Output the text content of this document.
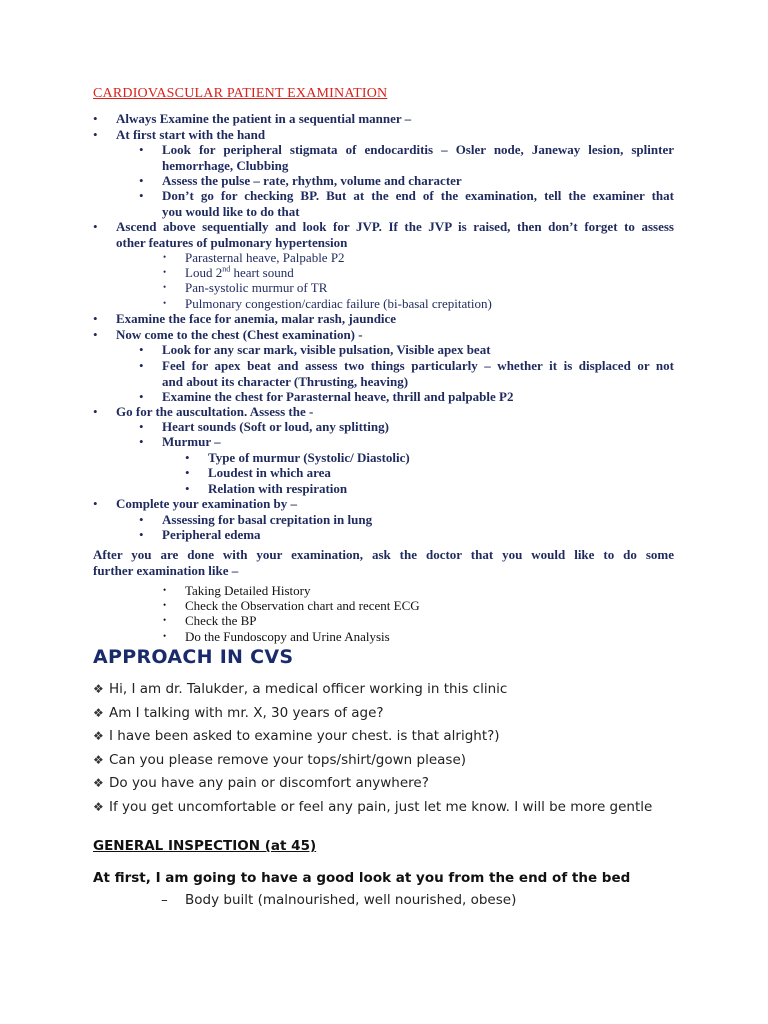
CARDIOVASCULAR PATIENT EXAMINATION
• Always Examine the patient in a sequential manner –
• At first start with the hand
• Look for peripheral stigmata of endocarditis – Osler node, Janeway lesion, splinter
hemorrhage, Clubbing
• Assess the pulse – rate, rhythm, volume and character
• Don’t go for checking BP. But at the end of the examination, tell the examiner that
you would like to do that
• Ascend above sequentially and look for JVP. If the JVP is raised, then don’t forget to assess
other features of pulmonary hypertension
• Parasternal heave, Palpable P2
• Loud 2nd heart sound
• Pan-systolic murmur of TR
• Pulmonary congestion/cardiac failure (bi-basal crepitation)
• Examine the face for anemia, malar rash, jaundice
• Now come to the chest (Chest examination) -
• Look for any scar mark, visible pulsation, Visible apex beat
• Feel for apex beat and assess two things particularly – whether it is displaced or not
and about its character (Thrusting, heaving)
• Examine the chest for Parasternal heave, thrill and palpable P2
• Go for the auscultation. Assess the -
• Heart sounds (Soft or loud, any splitting)
• Murmur –
• Type of murmur (Systolic/ Diastolic)
• Loudest in which area
• Relation with respiration
• Complete your examination by –
• Assessing for basal crepitation in lung
• Peripheral edema
After you are done with your examination, ask the doctor that you would like to do some
further examination like –
• Taking Detailed History
• Check the Observation chart and recent ECG
• Check the BP
• Do the Fundoscopy and Urine Analysis
APPROACH IN CVS
❖ Hi, I am dr. Talukder, a medical officer working in this clinic
❖ Am I talking with mr. X, 30 years of age?
❖ I have been asked to examine your chest. is that alright?)
❖ Can you please remove your tops/shirt/gown please)
❖ Do you have any pain or discomfort anywhere?
❖ If you get uncomfortable or feel any pain, just let me know. I will be more gentle
GENERAL INSPECTION (at 45)
At first, I am going to have a good look at you from the end of the bed
– Body built (malnourished, well nourished, obese)
